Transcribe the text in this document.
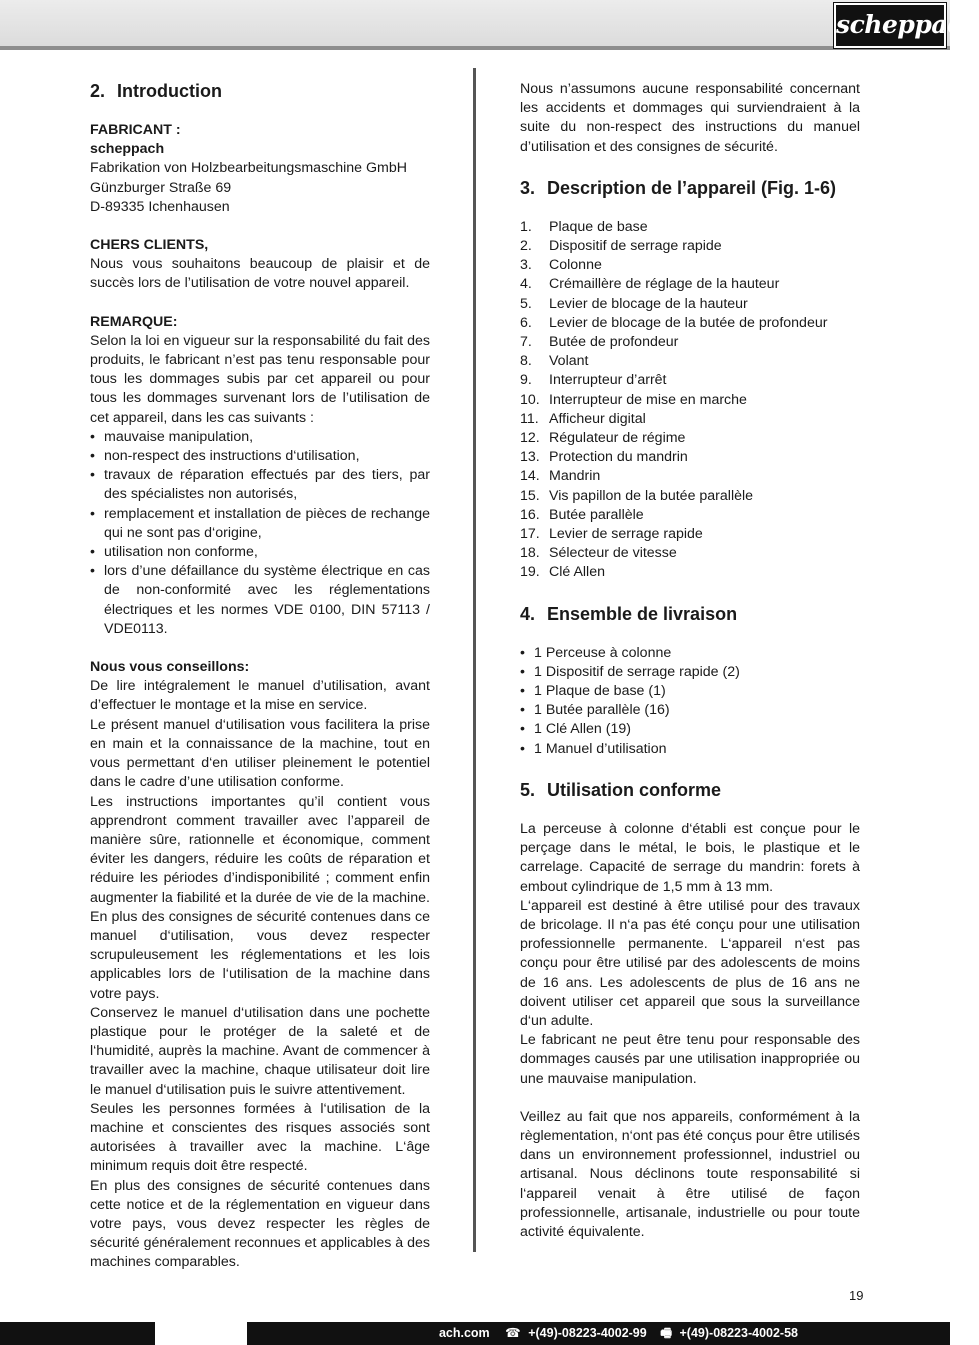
scheppach
2. Introduction
FABRICANT :
scheppach
Fabrikation von Holzbearbeitungsmaschine GmbH
Günzburger Straße 69
D-89335 Ichenhausen
CHERS CLIENTS,
Nous vous souhaitons beaucoup de plaisir et de succès lors de l’utilisation de votre nouvel appareil.
REMARQUE:
Selon la loi en vigueur sur la responsabilité du fait des produits, le fabricant n’est pas tenu responsable pour tous les dommages subis par cet appareil ou pour tous les dommages survenant lors de l’utilisation de cet appareil, dans les cas suivants :
• mauvaise manipulation,
• non-respect des instructions d‘utilisation,
• travaux de réparation effectués par des tiers, par des spécialistes non autorisés,
• remplacement et installation de pièces de rechange qui ne sont pas d‘origine,
• utilisation non conforme,
• lors d’une défaillance du système électrique en cas de non-conformité avec les réglementations électriques et les normes VDE 0100, DIN 57113 / VDE0113.
Nous vous conseillons:
De lire intégralement le manuel d’utilisation, avant d’effectuer le montage et la mise en service.
Le présent manuel d‘utilisation vous facilitera la prise en main et la connaissance de la machine, tout en vous permettant d‘en utiliser pleinement le potentiel dans le cadre d’une utilisation conforme.
Les instructions importantes qu’il contient vous apprendront comment travailler avec l’appareil de manière sûre, rationnelle et économique, comment éviter les dangers, réduire les coûts de réparation et réduire les périodes d’indisponibilité ; comment enfin augmenter la fiabilité et la durée de vie de la machine.
En plus des consignes de sécurité contenues dans ce manuel d‘utilisation, vous devez respecter scrupuleusement les réglementations et les lois applicables lors de l‘utilisation de la machine dans votre pays.
Conservez le manuel d‘utilisation dans une pochette plastique pour le protéger de la saleté et de l‘humidité, auprès la machine. Avant de commencer à travailler avec la machine, chaque utilisateur doit lire le manuel d‘utilisation puis le suivre attentivement.
Seules les personnes formées à l‘utilisation de la machine et conscientes des risques associés sont autorisées à travailler avec la machine. L‘âge minimum requis doit être respecté.
En plus des consignes de sécurité contenues dans cette notice et de la réglementation en vigueur dans votre pays, vous devez respecter les règles de sécurité généralement reconnues et applicables à des machines comparables.
Nous n’assumons aucune responsabilité concernant les accidents et dommages qui surviendraient à la suite du non-respect des instructions du manuel d’utilisation et des consignes de sécurité.
3. Description de l’appareil (Fig. 1-6)
1.	Plaque de base
2.	Dispositif de serrage rapide
3.	Colonne
4.	Crémaillère de réglage de la hauteur
5.	Levier de blocage de la hauteur
6.	Levier de blocage de la butée de profondeur
7.	Butée de profondeur
8.	Volant
9.	Interrupteur d’arrêt
10. Interrupteur de mise en marche
11. Afficheur digital
12. Régulateur de régime
13. Protection du mandrin
14. Mandrin
15. Vis papillon de la butée parallèle
16. Butée parallèle
17. Levier de serrage rapide
18. Sélecteur de vitesse
19. Clé Allen
4. Ensemble de livraison
• 1 Perceuse à colonne
• 1 Dispositif de serrage rapide (2)
• 1 Plaque de base (1)
• 1 Butée parallèle (16)
• 1 Clé Allen (19)
• 1 Manuel d’utilisation
5. Utilisation conforme
La perceuse à colonne d‘établi est conçue pour le perçage dans le métal, le bois, le plastique et le carrelage. Capacité de serrage du mandrin: forets à embout cylindrique de 1,5 mm à 13 mm.
L‘appareil est destiné à être utilisé pour des travaux de bricolage. Il n‘a pas été conçu pour une utilisation professionnelle permanente. L‘appareil n‘est pas conçu pour être utilisé par des adolescents de moins de 16 ans. Les adolescents de plus de 16 ans ne doivent utiliser cet appareil que sous la surveillance d‘un adulte.
Le fabricant ne peut être tenu pour responsable des dommages causés par une utilisation inappropriée ou une mauvaise manipulation.
Veillez au fait que nos appareils, conformément à la règlementation, n‘ont pas été conçus pour être utilisés dans un environnement professionnel, industriel ou artisanal. Nous déclinons toute responsabilité si l‘appareil venait à être utilisé de façon professionnelle, artisanale, industrielle ou pour toute activité équivalente.
19
ach.com ☎ +(49)-08223-4002-99 🖷 +(49)-08223-4002-58
